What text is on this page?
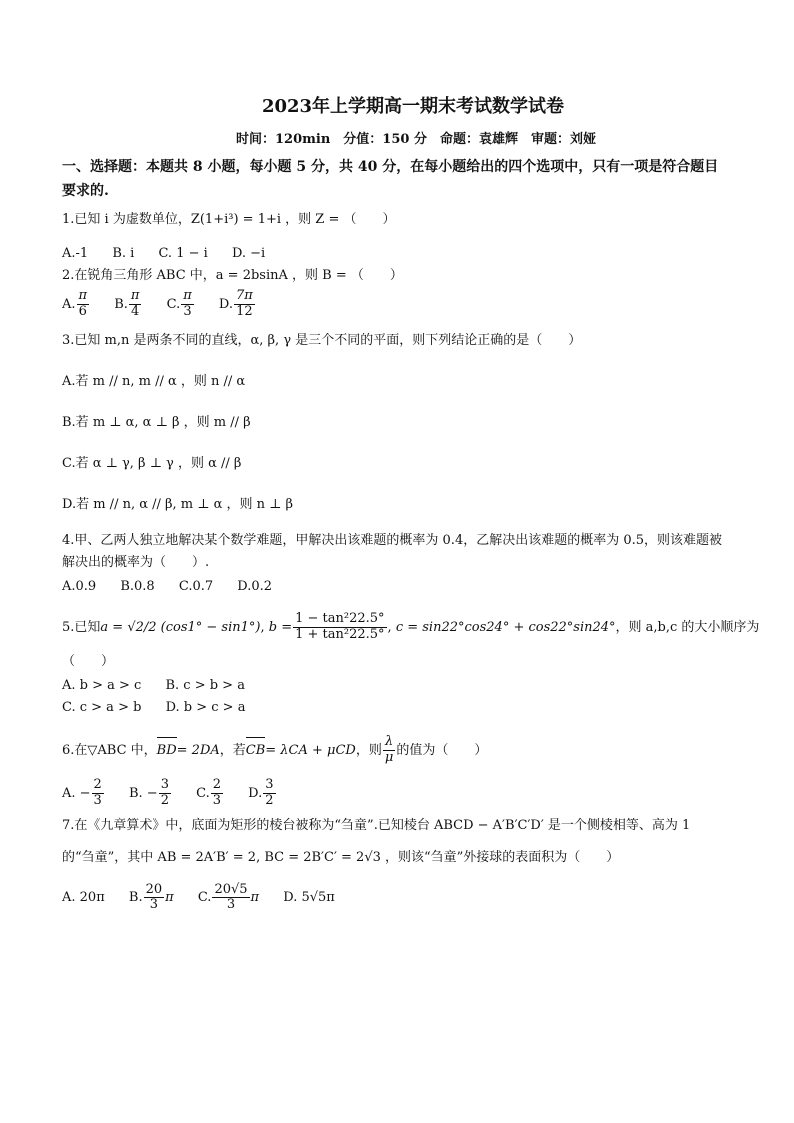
2023年上学期高一期末考试数学试卷
时间：120min　分值：150 分　命题：袁雄辉　审题：刘娅
一、选择题：本题共 8 小题，每小题 5 分，共 40 分，在每小题给出的四个选项中，只有一项是符合题目要求的.
1.已知 i 为虚数单位，Z(1+i³) = 1+i ，则 Z = （　　）
A.-1 B. i C. 1 − i D. −i
2.在锐角三角形 ABC 中，a = 2bsinA ，则 B = （　　）
A. $\frac{\pi}{6} B$. $\frac{\pi}{4} C$. $\frac{\pi}{3} D$. $\frac{7\pi}{12}$
3.已知 m,n 是两条不同的直线，α, β, γ 是三个不同的平面，则下列结论正确的是（　　）
A.若 m // n, m // α ，则 n // α
B.若 m ⊥ α, α ⊥ β ，则 m // β
C.若 α ⊥ γ, β ⊥ γ ，则 α // β
D.若 m // n, α // β, m ⊥ α ，则 n ⊥ β
4.甲、乙两人独立地解决某个数学难题，甲解决出该难题的概率为 0.4，乙解决出该难题的概率为 0.5，则该难题被解决出的概率为（　　）.
A.0.9 B.0.8 C.0.7 D.0.2
5.已知a = √2/2 (cos1° − sin1°), $b = \frac{\text{1 − tan²22.5°}}{\text{1 + tan²22.5°}}$ , c = sin22°cos24° + cos22°sin24°，则 a,b,c 的大小顺序为
（　　）
A. b > a > c B. c > b > a
C. c > a > b D. b > c > a
6.在▽ABC 中，BD= 2DA，若CB= λCA + μCD，则 $\frac{\lambda}{\mu}$ 的值为（　　）
A. − $\frac{2}{3} B$. − $\frac{3}{2} C$. $\frac{2}{3} D$. $\frac{3}{2}$
7.在《九章算术》中，底面为矩形的棱台被称为“刍童”.已知棱台 ABCD − A′B′C′D′ 是一个侧棱相等、高为 1
的“刍童”，其中 AB = 2A′B′ = 2, BC = 2B′C′ = 2√3 ，则该“刍童”外接球的表面积为（　　）
A. 20π B. $\frac{20}{3}$ π C. $\frac{20√5}{3}$ π D. 5√5π
